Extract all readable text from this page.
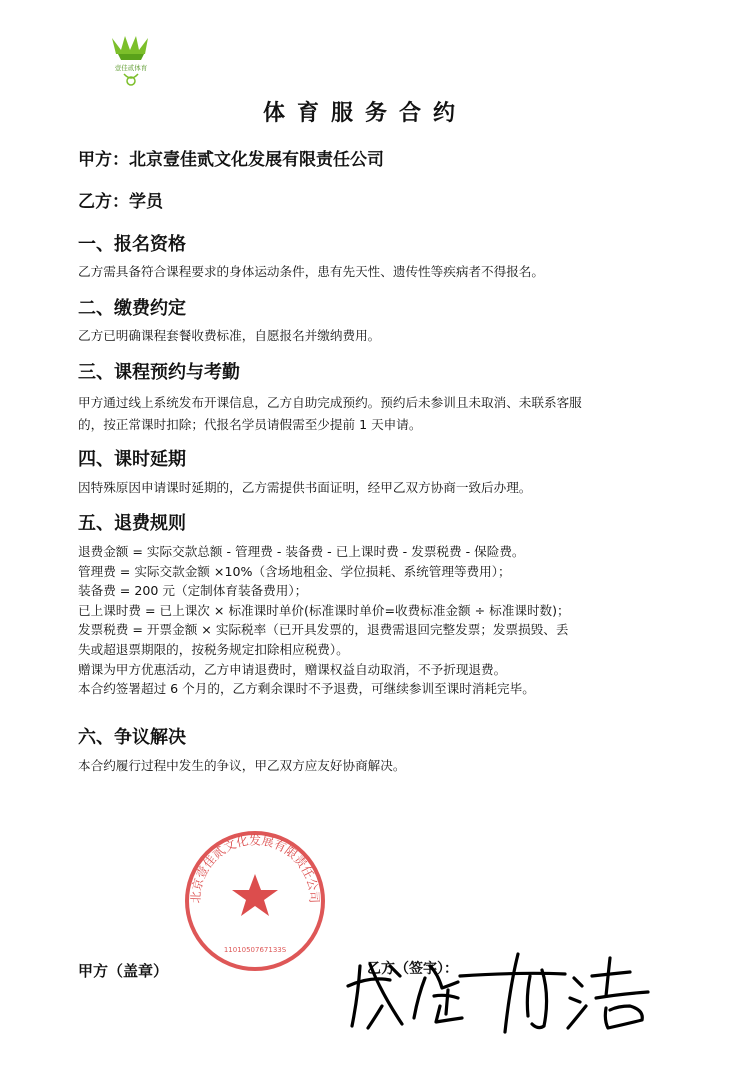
壹佳贰体育
体育服务合约
甲方：北京壹佳贰文化发展有限责任公司
乙方：学员
一、报名资格
乙方需具备符合课程要求的身体运动条件，患有先天性、遗传性等疾病者不得报名。
二、缴费约定
乙方已明确课程套餐收费标准，自愿报名并缴纳费用。
三、课程预约与考勤
甲方通过线上系统发布开课信息，乙方自助完成预约。预约后未参训且未取消、未联系客服
的，按正常课时扣除；代报名学员请假需至少提前 1 天申请。
四、课时延期
因特殊原因申请课时延期的，乙方需提供书面证明，经甲乙双方协商一致后办理。
五、退费规则
退费金额 = 实际交款总额 - 管理费 - 装备费 - 已上课时费 - 发票税费 - 保险费。
管理费 = 实际交款金额 ×10%（含场地租金、学位损耗、系统管理等费用）；
装备费 = 200 元（定制体育装备费用）；
已上课时费 = 已上课次 × 标准课时单价(标准课时单价=收费标准金额 ÷ 标准课时数)；
发票税费 = 开票金额 × 实际税率（已开具发票的，退费需退回完整发票；发票损毁、丢
失或超退票期限的，按税务规定扣除相应税费）。
赠课为甲方优惠活动，乙方申请退费时，赠课权益自动取消，不予折现退费。
本合约签署超过 6 个月的，乙方剩余课时不予退费，可继续参训至课时消耗完毕。
六、争议解决
本合约履行过程中发生的争议，甲乙双方应友好协商解决。
北京壹佳贰文化发展有限责任公司
1101050767133S
甲方（盖章）	乙方（签字）：
